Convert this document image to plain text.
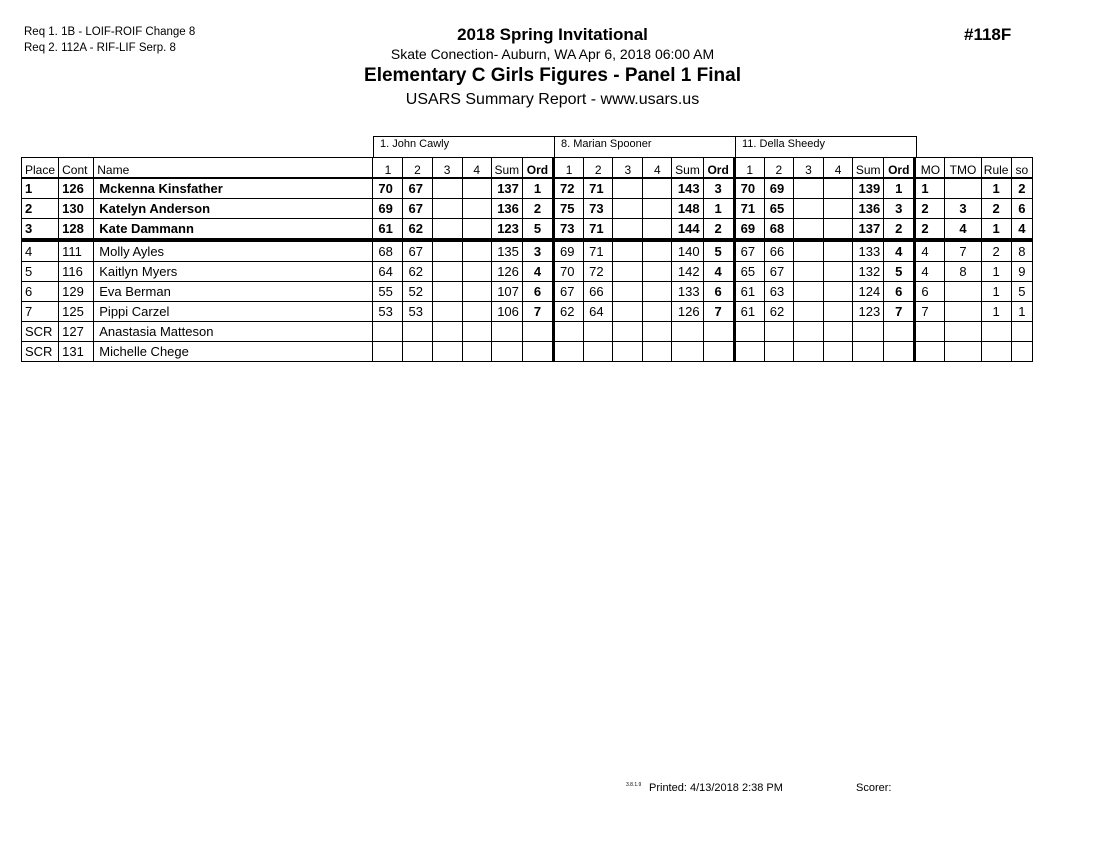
Req 1. 1B - LOIF-ROIF Change 8
Req 2. 112A - RIF-LIF Serp. 8
2018 Spring Invitational
Skate Conection- Auburn, WA Apr 6, 2018 06:00 AM
Elementary C Girls Figures - Panel 1 Final
USARS Summary Report - www.usars.us
#118F
1. John Cawly	8. Marian Spooner	11. Della Sheedy
Place	Cont	Name	1	2	3	4	Sum	Ord	1	2	3	4	Sum	Ord	1	2	3	4	Sum	Ord	MO	TMO	Rule	so
1	126	Mckenna Kinsfather	70	67			137	1	72	71			143	3	70	69			139	1	1		1	2
2	130	Katelyn Anderson	69	67			136	2	75	73			148	1	71	65			136	3	2	3	2	6
3	128	Kate Dammann	61	62			123	5	73	71			144	2	69	68			137	2	2	4	1	4
4	111	Molly Ayles	68	67			135	3	69	71			140	5	67	66			133	4	4	7	2	8
5	116	Kaitlyn Myers	64	62			126	4	70	72			142	4	65	67			132	5	4	8	1	9
6	129	Eva Berman	55	52			107	6	67	66			133	6	61	63			124	6	6		1	5
7	125	Pippi Carzel	53	53			106	7	62	64			126	7	61	62			123	7	7		1	1
SCR	127	Anastasia Matteson																						
SCR	131	Michelle Chege																						
3.8.1.9 Printed: 4/13/2018 2:38 PM	Scorer:
